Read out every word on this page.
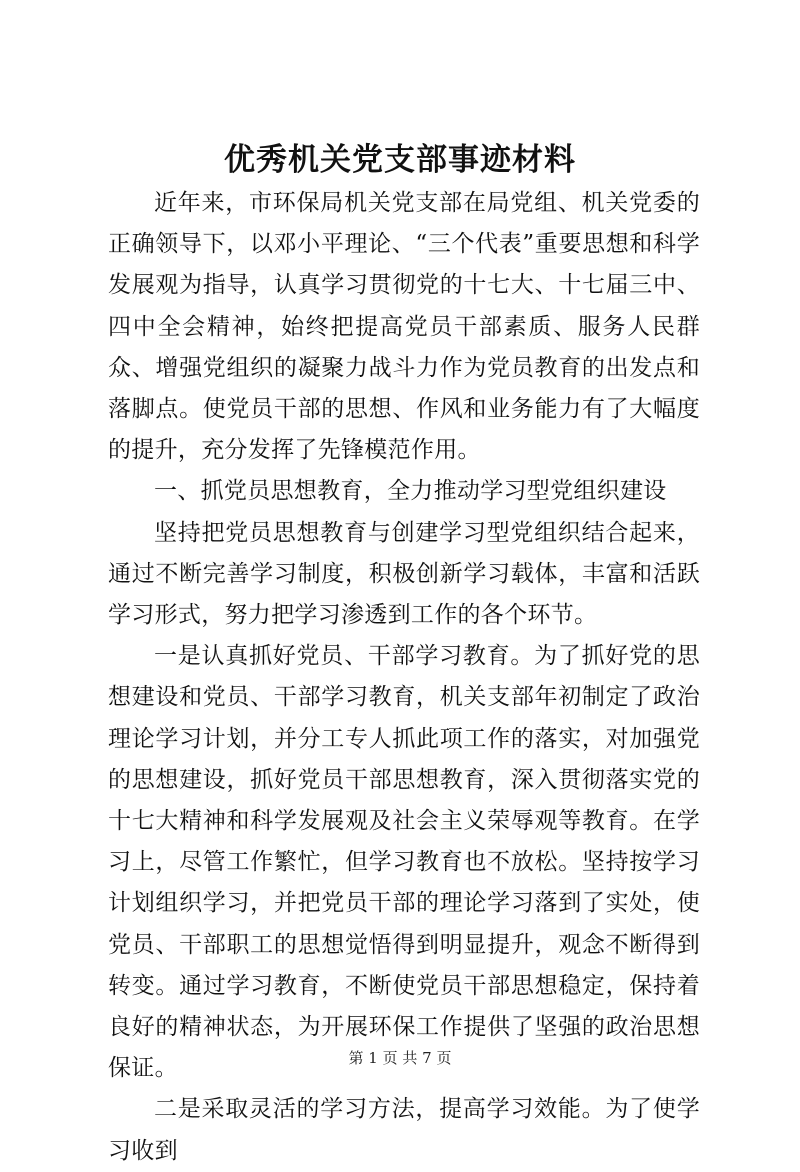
优秀机关党支部事迹材料

近年来，市环保局机关党支部在局党组、机关党委的正确领导下，以邓小平理论、“三个代表”重要思想和科学发展观为指导，认真学习贯彻党的十七大、十七届三中、四中全会精神，始终把提高党员干部素质、服务人民群众、增强党组织的凝聚力战斗力作为党员教育的出发点和落脚点。使党员干部的思想、作风和业务能力有了大幅度的提升，充分发挥了先锋模范作用。

一、抓党员思想教育，全力推动学习型党组织建设

坚持把党员思想教育与创建学习型党组织结合起来，通过不断完善学习制度，积极创新学习载体，丰富和活跃学习形式，努力把学习渗透到工作的各个环节。

一是认真抓好党员、干部学习教育。为了抓好党的思想建设和党员、干部学习教育，机关支部年初制定了政治理论学习计划，并分工专人抓此项工作的落实，对加强党的思想建设，抓好党员干部思想教育，深入贯彻落实党的十七大精神和科学发展观及社会主义荣辱观等教育。在学习上，尽管工作繁忙，但学习教育也不放松。坚持按学习计划组织学习，并把党员干部的理论学习落到了实处，使党员、干部职工的思想觉悟得到明显提升，观念不断得到转变。通过学习教育，不断使党员干部思想稳定，保持着良好的精神状态，为开展环保工作提供了坚强的政治思想保证。

二是采取灵活的学习方法，提高学习效能。为了使学习收到

第 1 页 共 7 页
